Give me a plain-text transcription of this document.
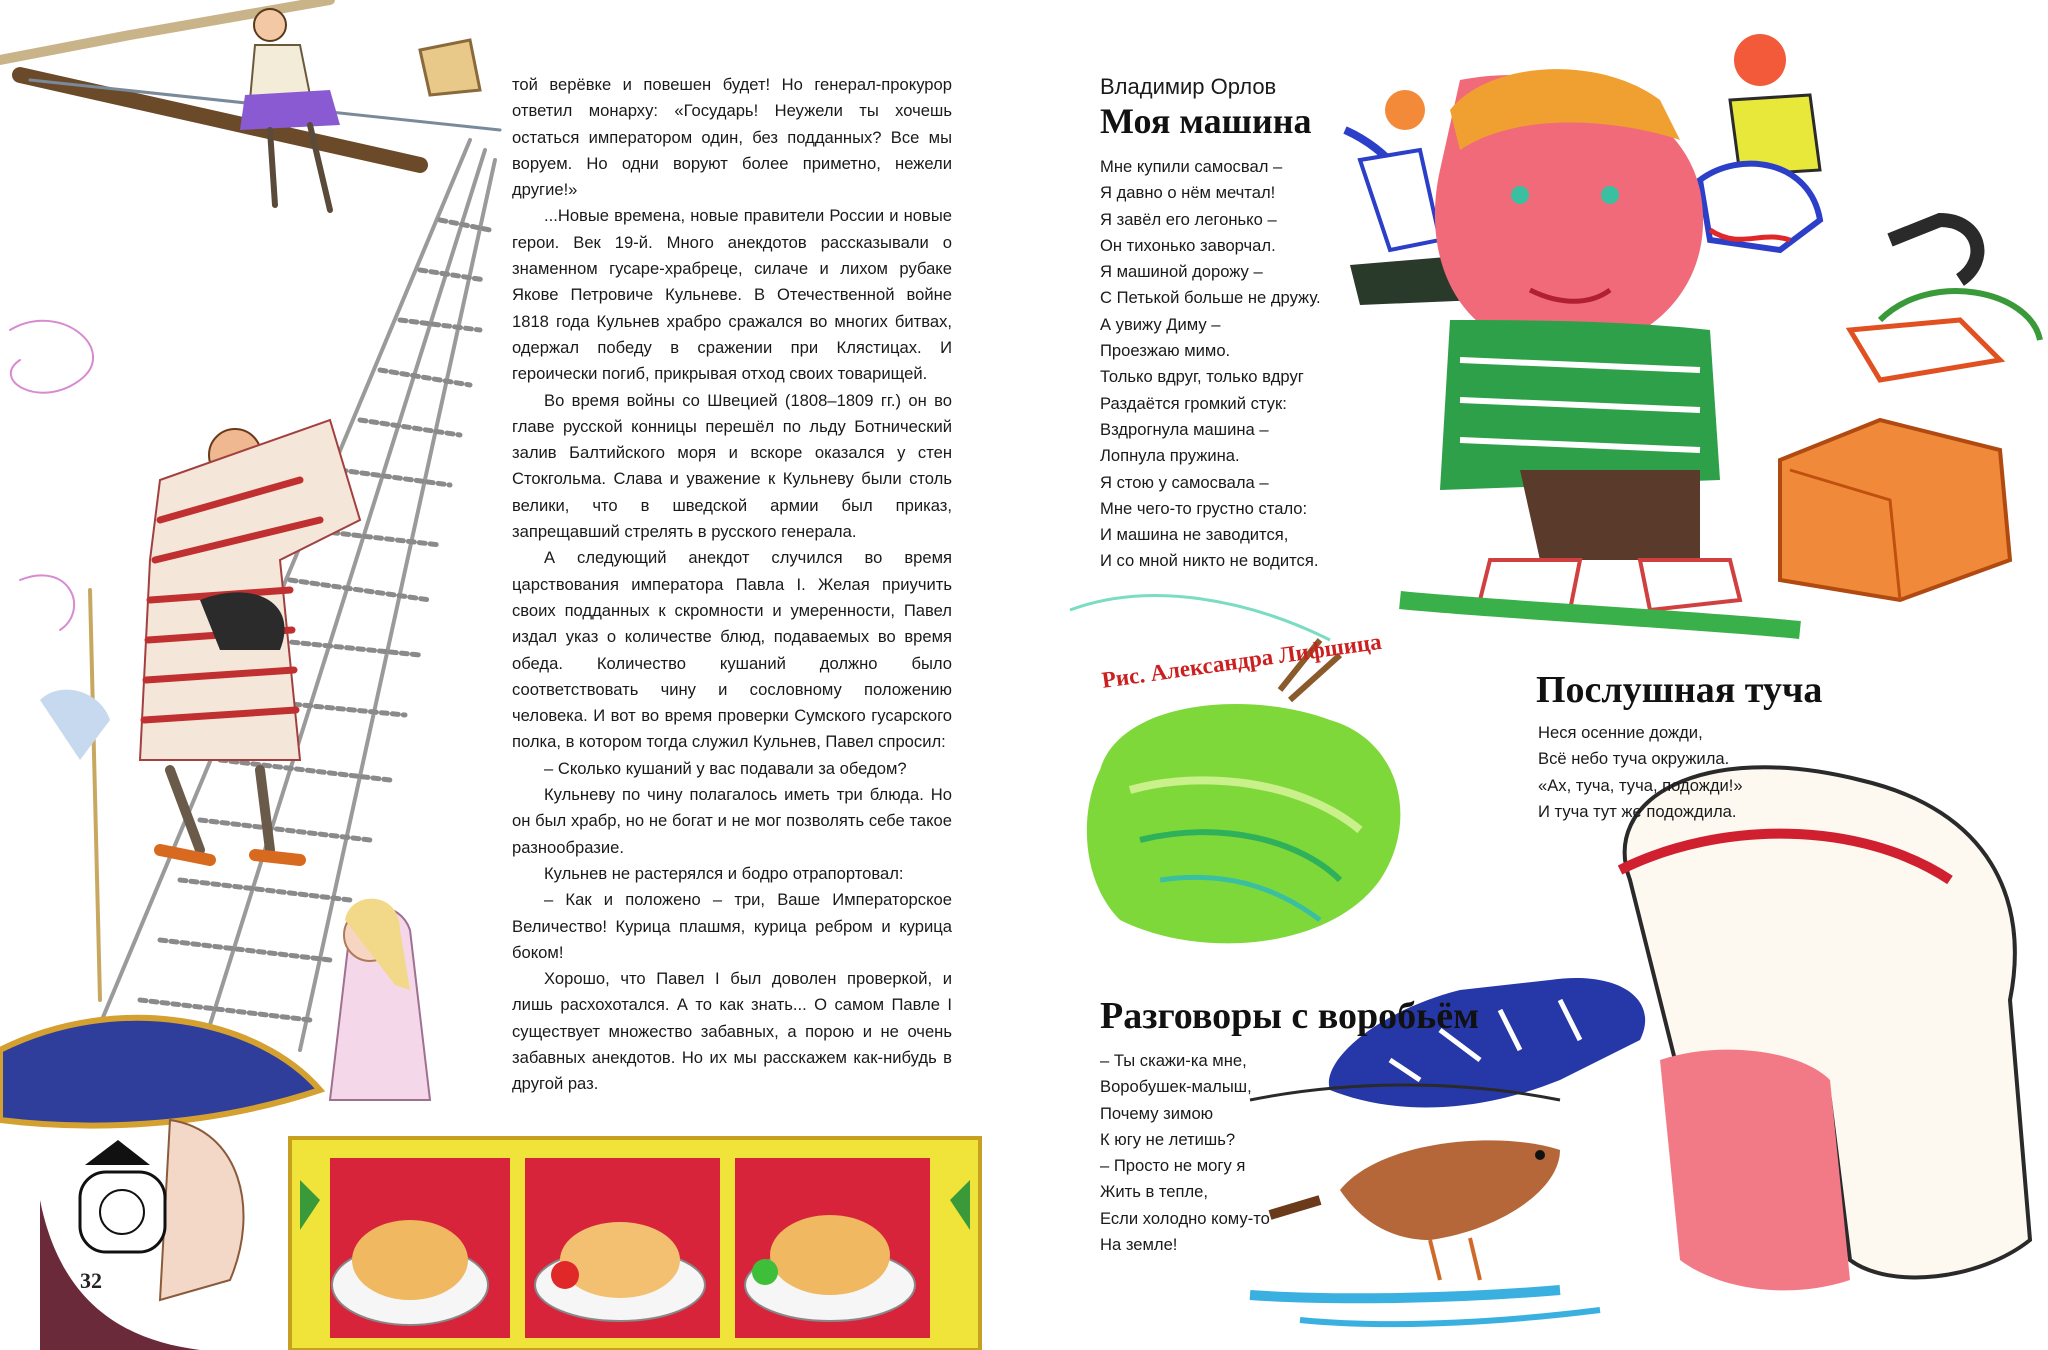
той верёвке и повешен будет! Но генерал-прокурор ответил монарху: «Государь! Неужели ты хочешь остаться императором один, без подданных? Все мы воруем. Но одни воруют более приметно, нежели другие!»

...Новые времена, новые правители России и новые герои. Век 19-й. Много анекдотов рассказывали о знаменном гусаре-храбреце, силаче и лихом рубаке Якове Петровиче Кульневе. В Отечественной войне 1818 года Кульнев храбро сражался во многих битвах, одержал победу в сражении при Клястицах. И героически погиб, прикрывая отход своих товарищей.

Во время войны со Швецией (1808–1809 гг.) он во главе русской конницы перешёл по льду Ботнический залив Балтийского моря и вскоре оказался у стен Стокгольма. Слава и уважение к Кульневу были столь велики, что в шведской армии был приказ, запрещавший стрелять в русского генерала.

А следующий анекдот случился во время царствования императора Павла I. Желая приучить своих подданных к скромности и умеренности, Павел издал указ о количестве блюд, подаваемых во время обеда. Количество кушаний должно было соответствовать чину и сословному положению человека. И вот во время проверки Сумского гусарского полка, в котором тогда служил Кульнев, Павел спросил:

– Сколько кушаний у вас подавали за обедом?

Кульневу по чину полагалось иметь три блюда. Но он был храбр, но не богат и не мог позволять себе такое разнообразие.

Кульнев не растерялся и бодро отрапортовал:

– Как и положено – три, Ваше Императорское Величество! Курица плашмя, курица ребром и курица боком!

Хорошо, что Павел I был доволен проверкой, и лишь расхохотался. А то как знать... О самом Павле I существует множество забавных, а порою и не очень забавных анекдотов. Но их мы расскажем как-нибудь в другой раз.

32
Владимир Орлов
Моя машина
Мне купили самосвал –
Я давно о нём мечтал!
Я завёл его легонько –
Он тихонько заворчал.
Я машиной дорожу –
С Петькой больше не дружу.
А увижу Диму –
Проезжаю мимо.
Только вдруг, только вдруг
Раздаётся громкий стук:
Вздрогнула машина –
Лопнула пружина.
Я стою у самосвала –
Мне чего-то грустно стало:
И машина не заводится,
И со мной никто не водится.
Рис. Александра Лифшица	Послушная туча
Неся осенние дожди,
Всё небо туча окружила.
«Ах, туча, туча, подожди!»
И туча тут же подождила.
Разговоры с воробьём
– Ты скажи-ка мне,
Воробушек-малыш,
Почему зимою
К югу не летишь?
– Просто не могу я
Жить в тепле,
Если холодно кому-то
На земле!
